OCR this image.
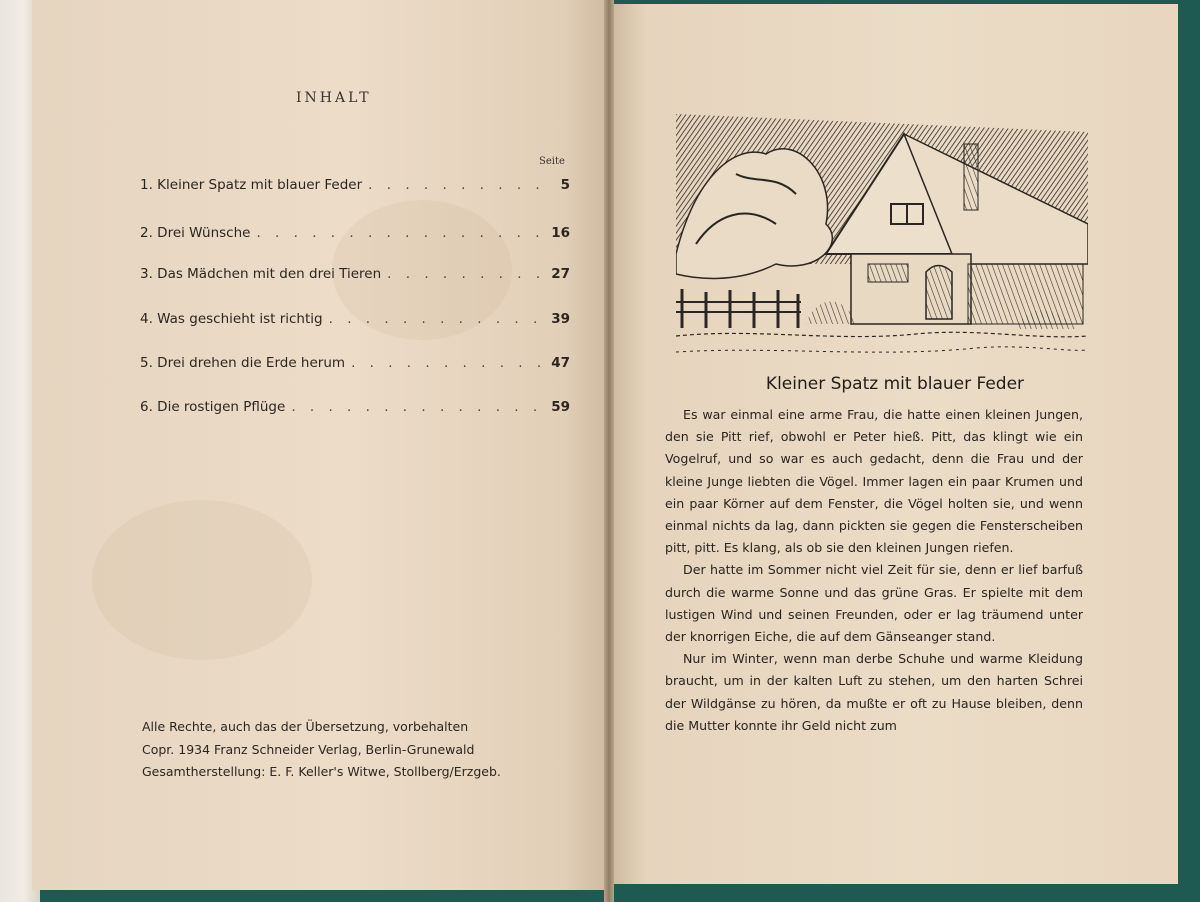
INHALT
Seite
1. Kleiner Spatz mit blauer Feder . . .	5
2. Drei Wünsche . . .	16
3. Das Mädchen mit den drei Tieren . . .	27
4. Was geschieht ist richtig . . .	39
5. Drei drehen die Erde herum . . .	47
6. Die rostigen Pflüge . . .	59
Alle Rechte, auch das der Übersetzung, vorbehalten
Copr. 1934 Franz Schneider Verlag, Berlin-Grunewald
Gesamtherstellung: E. F. Keller's Witwe, Stollberg/Erzgeb.
Kleiner Spatz mit blauer Feder

Es war einmal eine arme Frau, die hatte einen kleinen Jungen, den sie Pitt rief, obwohl er Peter hieß. Pitt, das klingt wie ein Vogelruf, und so war es auch gedacht, denn die Frau und der kleine Junge liebten die Vögel. Immer lagen ein paar Krumen und ein paar Körner auf dem Fenster, die Vögel holten sie, und wenn einmal nichts da lag, dann pickten sie gegen die Fensterscheiben pitt, pitt. Es klang, als ob sie den kleinen Jungen riefen.

Der hatte im Sommer nicht viel Zeit für sie, denn er lief barfuß durch die warme Sonne und das grüne Gras. Er spielte mit dem lustigen Wind und seinen Freunden, oder er lag träumend unter der knorrigen Eiche, die auf dem Gänseanger stand.

Nur im Winter, wenn man derbe Schuhe und warme Kleidung braucht, um in der kalten Luft zu stehen, um den harten Schrei der Wildgänse zu hören, da mußte er oft zu Hause bleiben, denn die Mutter konnte ihr Geld nicht zum
